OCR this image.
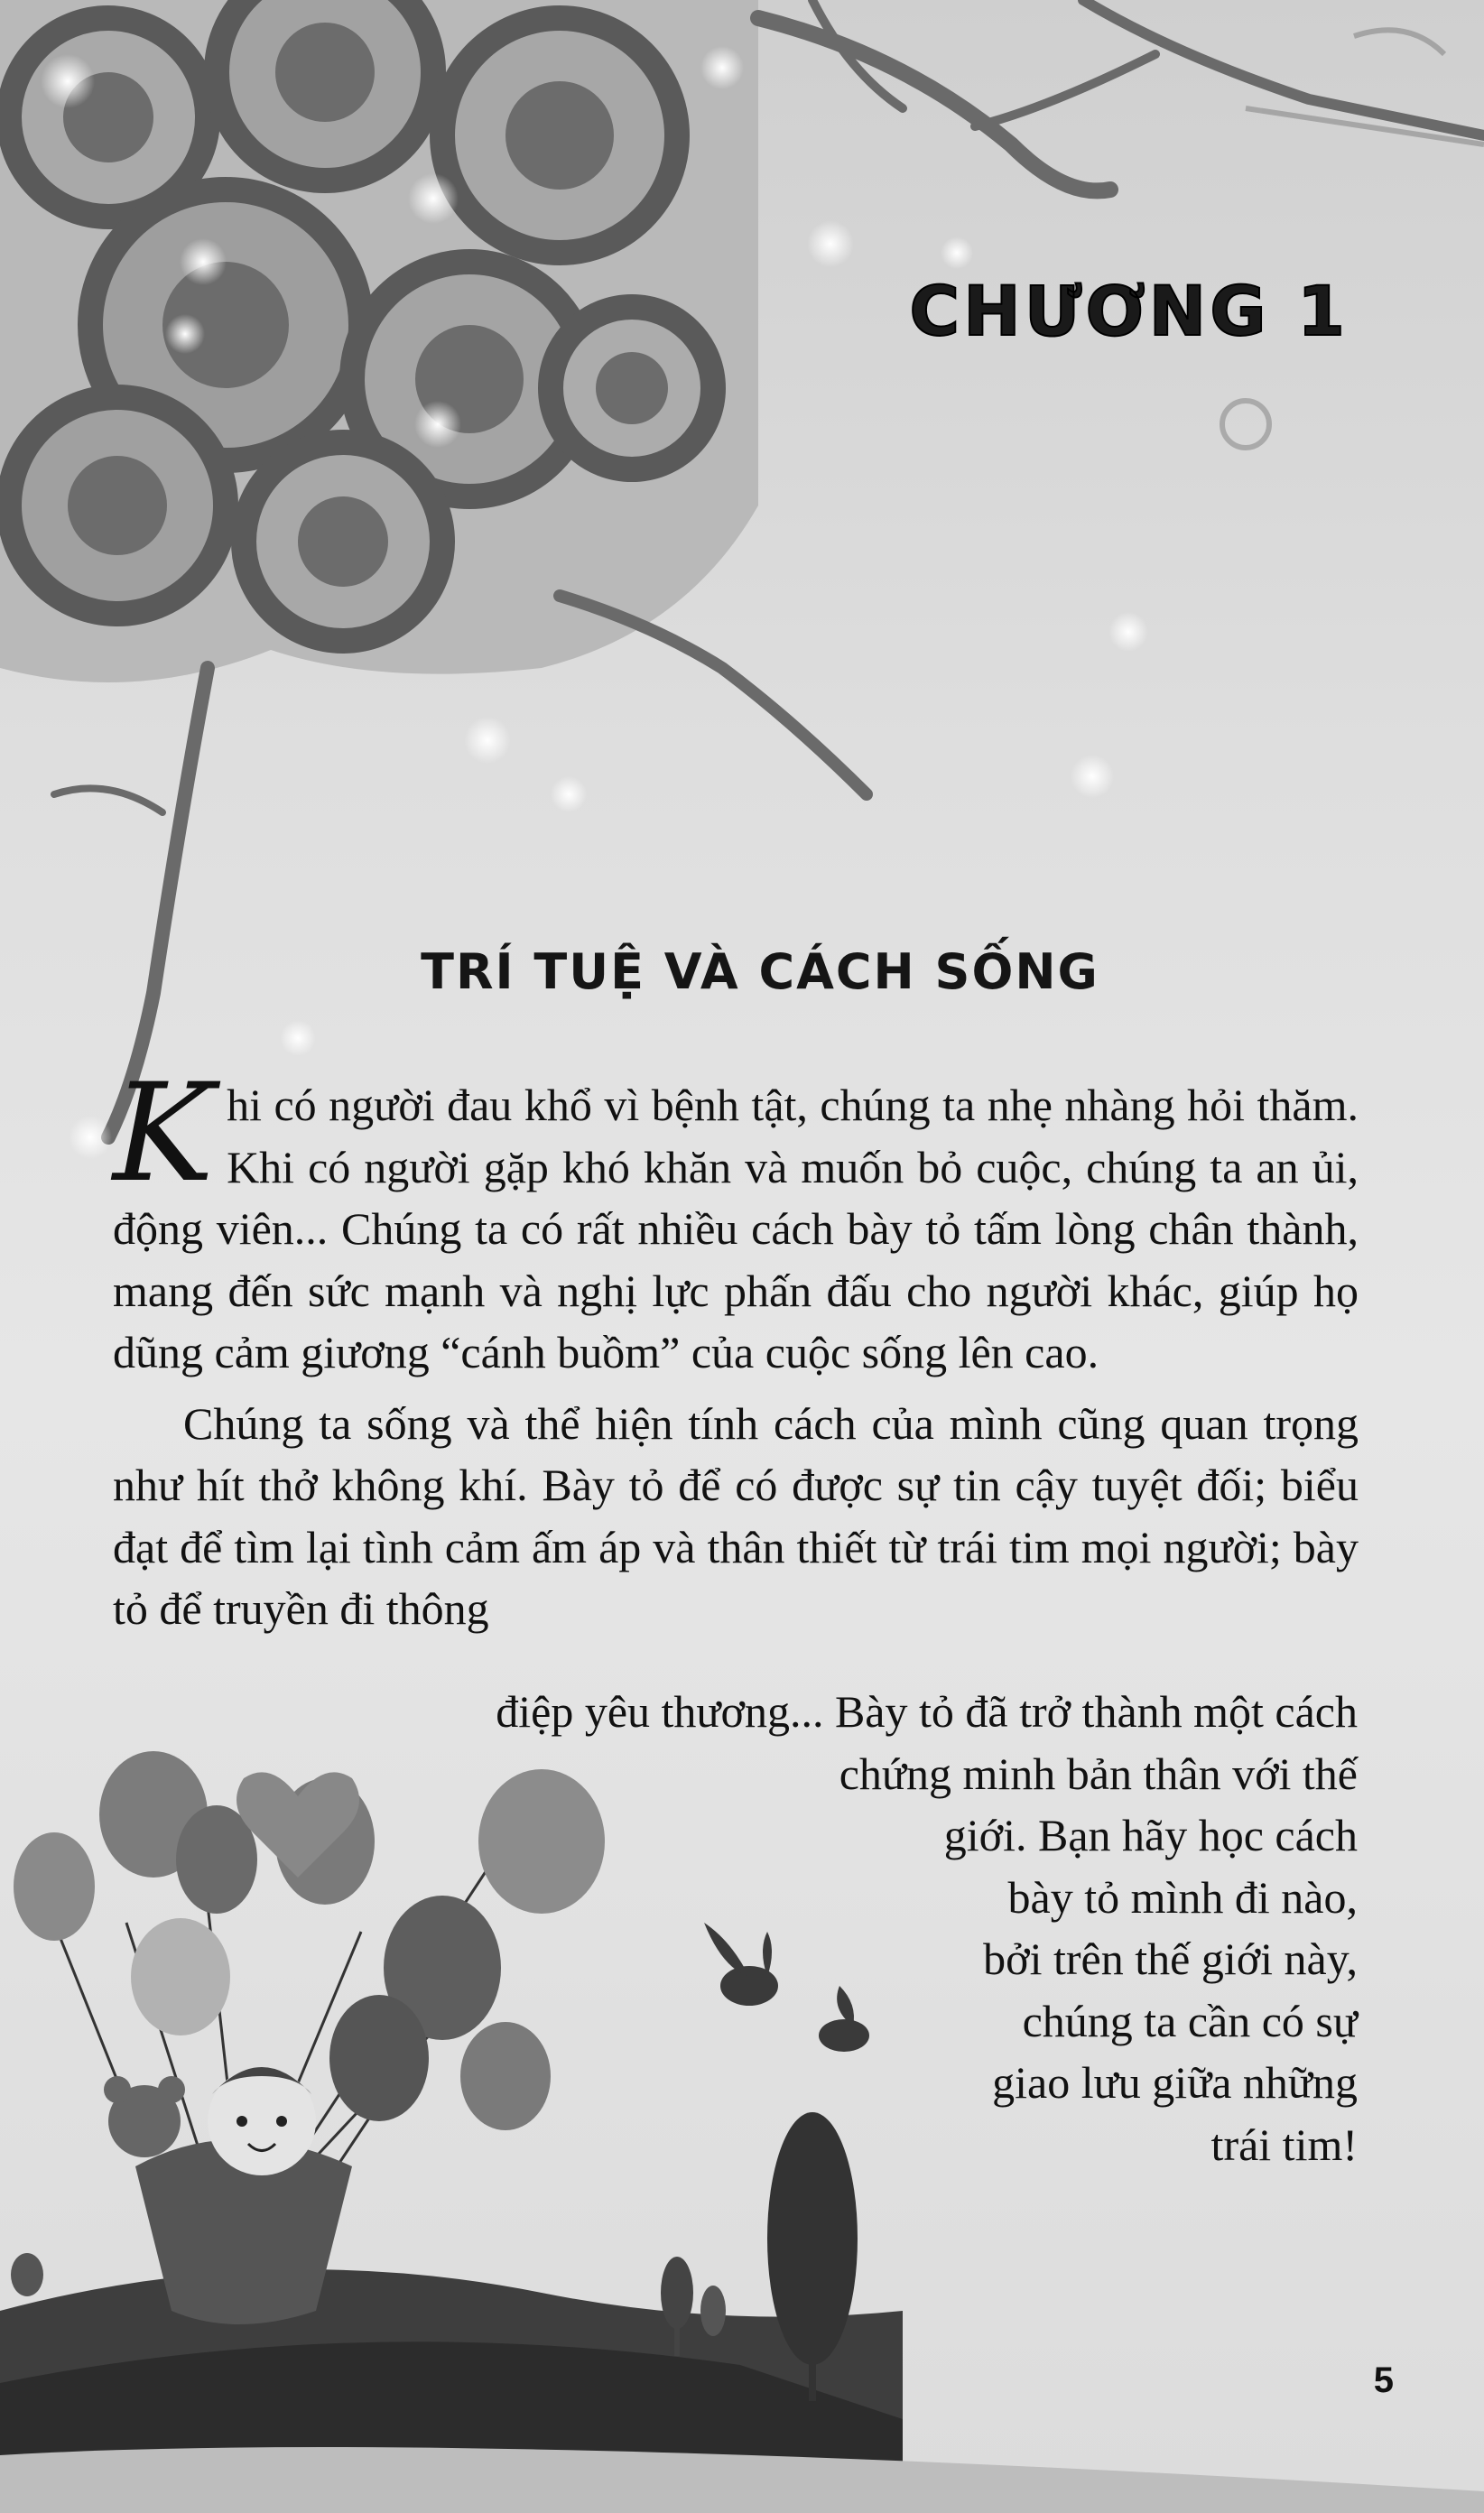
CHƯƠNG 1
TRÍ TUỆ VÀ CÁCH SỐNG

Khi có người đau khổ vì bệnh tật, chúng ta nhẹ nhàng hỏi thăm. Khi có người gặp khó khăn và muốn bỏ cuộc, chúng ta an ủi, động viên... Chúng ta có rất nhiều cách bày tỏ tấm lòng chân thành, mang đến sức mạnh và nghị lực phấn đấu cho người khác, giúp họ dũng cảm giương “cánh buồm” của cuộc sống lên cao.

Chúng ta sống và thể hiện tính cách của mình cũng quan trọng như hít thở không khí. Bày tỏ để có được sự tin cậy tuyệt đối; biểu đạt để tìm lại tình cảm ấm áp và thân thiết từ trái tim mọi người; bày tỏ để truyền đi thông

điệp yêu thương... Bày tỏ đã trở thành một cách
chứng minh bản thân với thế
giới. Bạn hãy học cách
bày tỏ mình đi nào,
bởi trên thế giới này,
chúng ta cần có sự
giao lưu giữa những
trái tim!
5
